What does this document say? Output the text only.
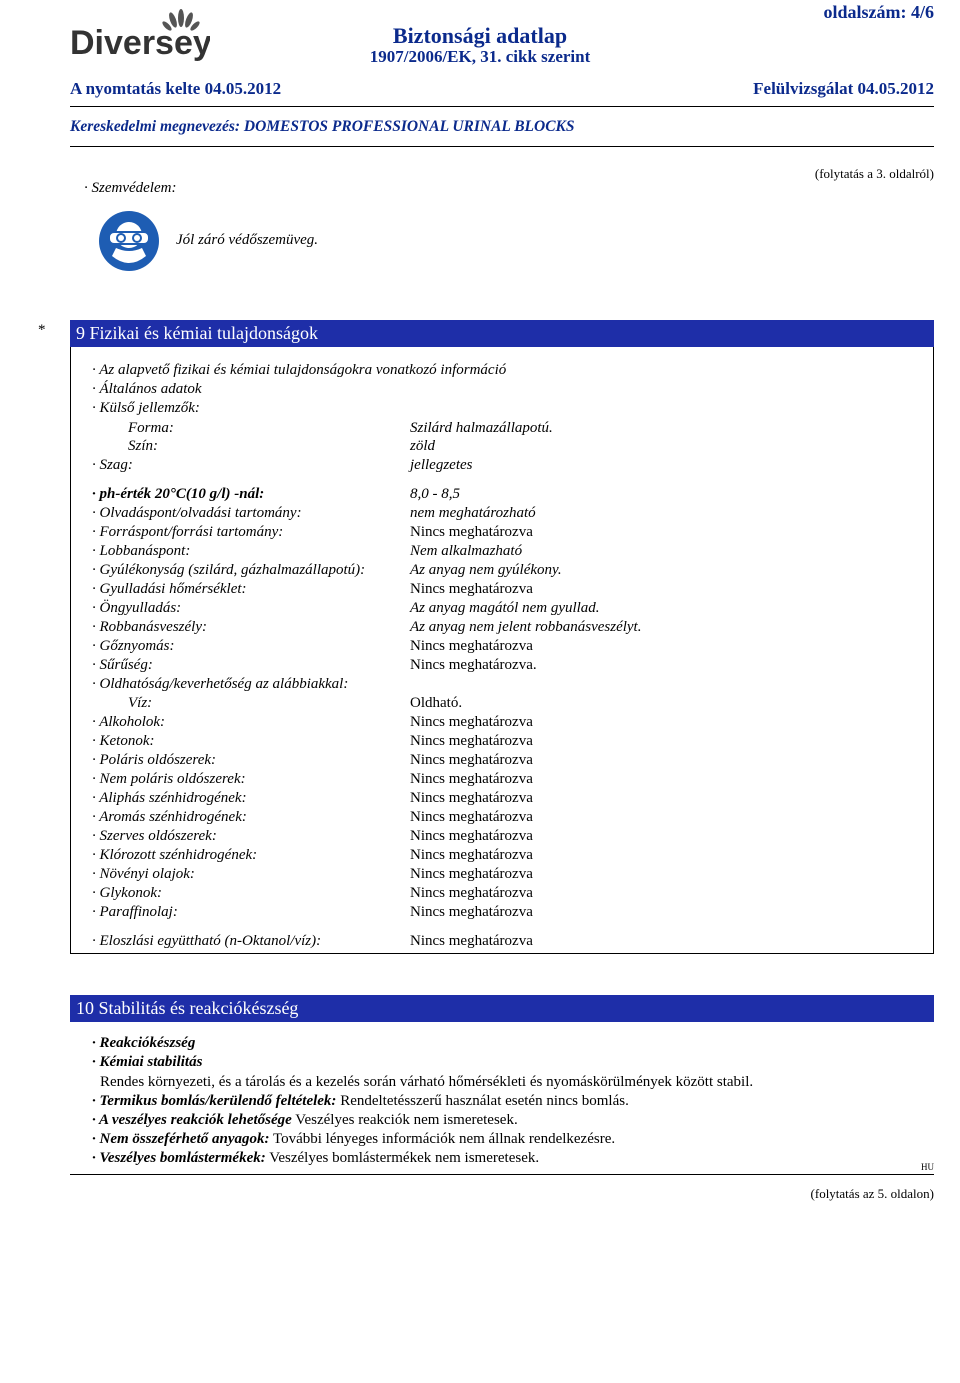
Diversey
oldalszám: 4/6
Biztonsági adatlap
1907/2006/EK, 31. cikk szerint
A nyomtatás kelte 04.05.2012	Felülvizsgálat 04.05.2012
Kereskedelmi megnevezés: DOMESTOS PROFESSIONAL URINAL BLOCKS
(folytatás a 3. oldalról)
· Szemvédelem:
Jól záró védőszemüveg.
*	9 Fizikai és kémiai tulajdonságok
· Az alapvető fizikai és kémiai tulajdonságokra vonatkozó információ
· Általános adatok
· Külső jellemzők:
Forma:	Szilárd halmazállapotú.
Szín:	zöld
· Szag:	jellegzetes
· ph-érték 20°C(10 g/l) -nál:	8,0 - 8,5
· Olvadáspont/olvadási tartomány:	nem meghatározható
· Forráspont/forrási tartomány:	Nincs meghatározva
· Lobbanáspont:	Nem alkalmazható
· Gyúlékonyság (szilárd, gázhalmazállapotú):	Az anyag nem gyúlékony.
· Gyulladási hőmérséklet:	Nincs meghatározva
· Öngyulladás:	Az anyag magától nem gyullad.
· Robbanásveszély:	Az anyag nem jelent robbanásveszélyt.
· Gőznyomás:	Nincs meghatározva
· Sűrűség:	Nincs meghatározva.
· Oldhatóság/keverhetőség az alábbiakkal:
Víz:	Oldható.
· Alkoholok:	Nincs meghatározva
· Ketonok:	Nincs meghatározva
· Poláris oldószerek:	Nincs meghatározva
· Nem poláris oldószerek:	Nincs meghatározva
· Aliphás szénhidrogének:	Nincs meghatározva
· Aromás szénhidrogének:	Nincs meghatározva
· Szerves oldószerek:	Nincs meghatározva
· Klórozott szénhidrogének:	Nincs meghatározva
· Növényi olajok:	Nincs meghatározva
· Glykonok:	Nincs meghatározva
· Paraffinolaj:	Nincs meghatározva
· Eloszlási együttható (n-Oktanol/víz):	Nincs meghatározva
10 Stabilitás és reakciókészség
· Reakciókészség
· Kémiai stabilitás
Rendes környezeti, és a tárolás és a kezelés során várható hőmérsékleti és nyomáskörülmények között stabil.
· Termikus bomlás/kerülendő feltételek: Rendeltetésszerű használat esetén nincs bomlás.
· A veszélyes reakciók lehetősége Veszélyes reakciók nem ismeretesek.
· Nem összeférhető anyagok: További lényeges információk nem állnak rendelkezésre.
· Veszélyes bomlástermékek: Veszélyes bomlástermékek nem ismeretesek.
HU
(folytatás az 5. oldalon)
